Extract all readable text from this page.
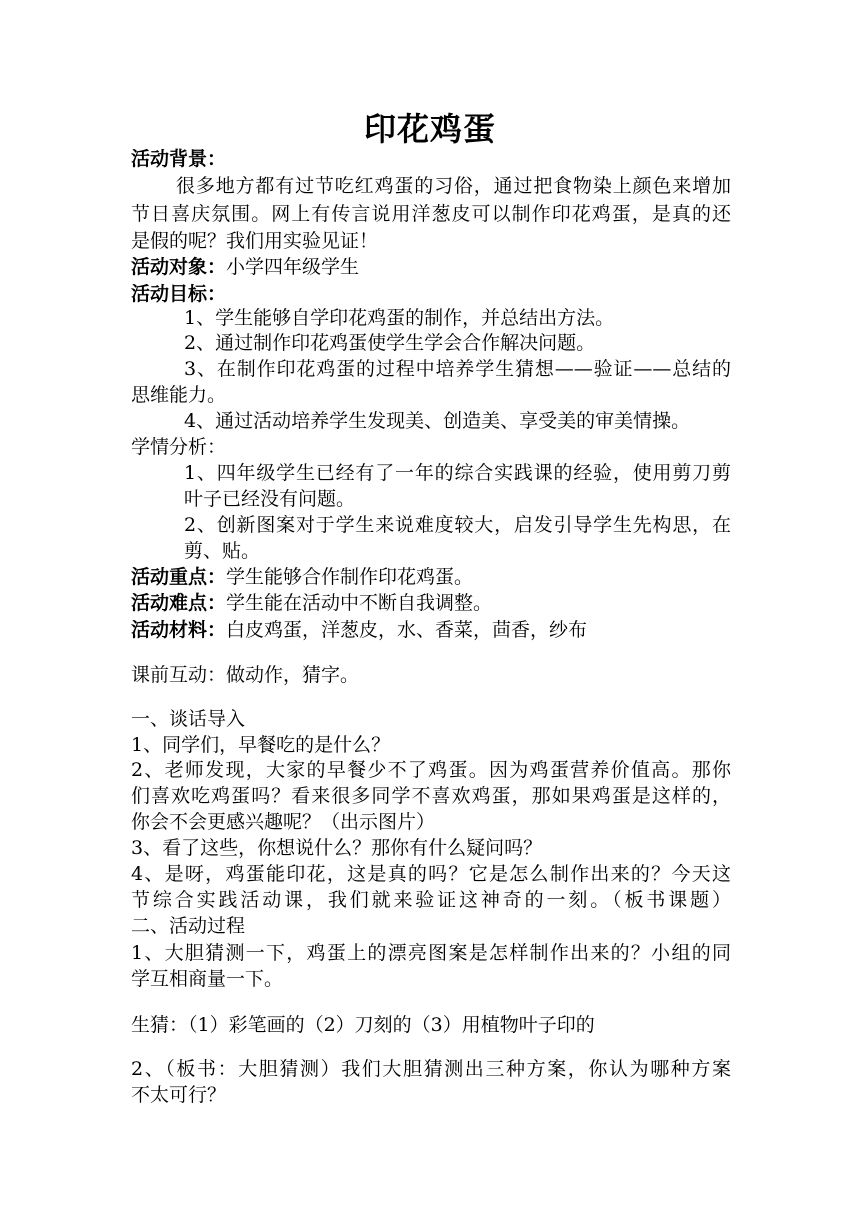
印花鸡蛋
活动背景：
很多地方都有过节吃红鸡蛋的习俗，通过把食物染上颜色来增加
节日喜庆氛围。网上有传言说用洋葱皮可以制作印花鸡蛋，是真的还
是假的呢？我们用实验见证！
活动对象：小学四年级学生
活动目标：
1、学生能够自学印花鸡蛋的制作，并总结出方法。
2、通过制作印花鸡蛋使学生学会合作解决问题。
3、在制作印花鸡蛋的过程中培养学生猜想——验证——总结的
思维能力。
4、通过活动培养学生发现美、创造美、享受美的审美情操。
学情分析：
1、四年级学生已经有了一年的综合实践课的经验，使用剪刀剪
叶子已经没有问题。
2、创新图案对于学生来说难度较大，启发引导学生先构思，在
剪、贴。
活动重点：学生能够合作制作印花鸡蛋。
活动难点：学生能在活动中不断自我调整。
活动材料：白皮鸡蛋，洋葱皮，水、香菜，茴香，纱布
课前互动：做动作，猜字。
一、谈话导入
1、同学们，早餐吃的是什么？
2、老师发现，大家的早餐少不了鸡蛋。因为鸡蛋营养价值高。那你
们喜欢吃鸡蛋吗？看来很多同学不喜欢鸡蛋，那如果鸡蛋是这样的，
你会不会更感兴趣呢？（出示图片）
3、看了这些，你想说什么？那你有什么疑问吗？
4、是呀，鸡蛋能印花，这是真的吗？它是怎么制作出来的？今天这
节综合实践活动课，我们就来验证这神奇的一刻。（板书课题）
二、活动过程
1、大胆猜测一下，鸡蛋上的漂亮图案是怎样制作出来的？小组的同
学互相商量一下。
生猜：（1）彩笔画的（2）刀刻的（3）用植物叶子印的
2、（板书：大胆猜测）我们大胆猜测出三种方案，你认为哪种方案
不太可行？
